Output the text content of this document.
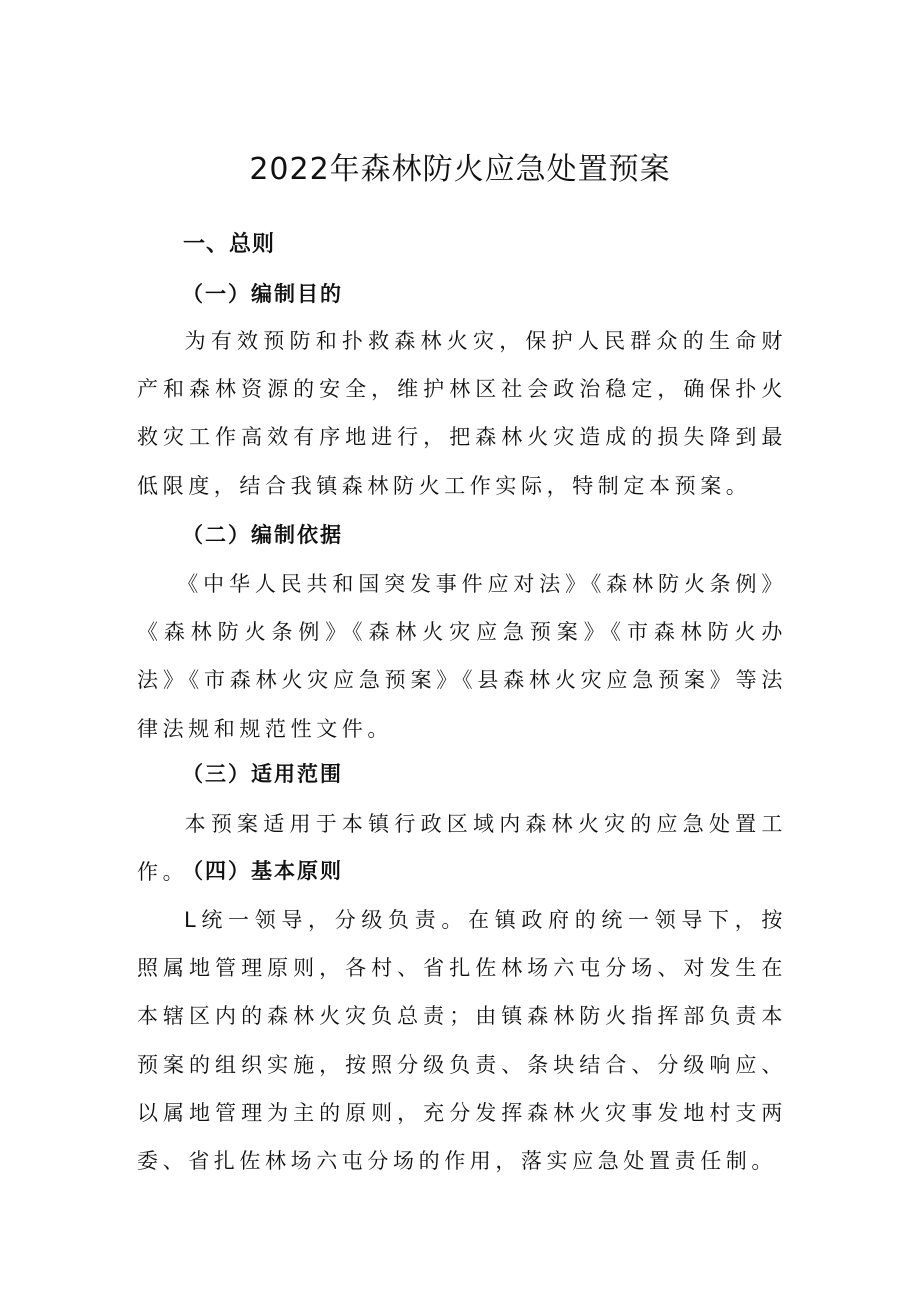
2022年森林防火应急处置预案
一、总则
（一）编制目的

为有效预防和扑救森林火灾，保护人民群众的生命财产和森林资源的安全，维护林区社会政治稳定，确保扑火救灾工作高效有序地进行，把森林火灾造成的损失降到最低限度，结合我镇森林防火工作实际，特制定本预案。

（二）编制依据

《中华人民共和国突发事件应对法》《森林防火条例》《森林防火条例》《森林火灾应急预案》《市森林防火办法》《市森林火灾应急预案》《县森林火灾应急预案》等法律法规和规范性文件。

（三）适用范围

本预案适用于本镇行政区域内森林火灾的应急处置工作。

（四）基本原则

L统一领导，分级负责。在镇政府的统一领导下，按照属地管理原则，各村、省扎佐林场六屯分场、对发生在本辖区内的森林火灾负总责；由镇森林防火指挥部负责本预案的组织实施，按照分级负责、条块结合、分级响应、以属地管理为主的原则，充分发挥森林火灾事发地村支两委、省扎佐林场六屯分场的作用，落实应急处置责任制。
